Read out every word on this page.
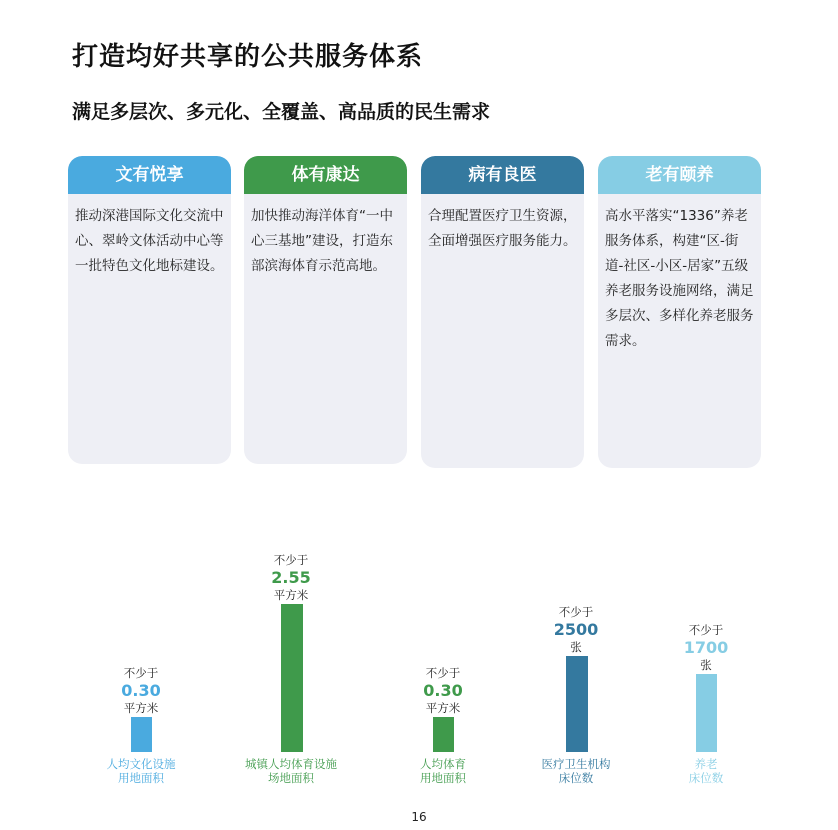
打造均好共享的公共服务体系
满足多层次、多元化、全覆盖、高品质的民生需求
文有悦享
推动深港国际文化交流中心、翠岭文体活动中心等一批特色文化地标建设。
体有康达
加快推动海洋体育“一中心三基地”建设，打造东部滨海体育示范高地。
病有良医
合理配置医疗卫生资源，全面增强医疗服务能力。
老有颐养
高水平落实“1336”养老服务体系，构建“区-街道-社区-小区-居家”五级养老服务设施网络，满足多层次、多样化养老服务需求。
平方米
0.30
不少于
人均文化设施
用地面积
平方米
2.55
不少于
城镇人均体育设施
场地面积
平方米
0.30
不少于
人均体育
用地面积
张
2500
不少于
医疗卫生机构
床位数
张
1700
不少于
养老
床位数
16
